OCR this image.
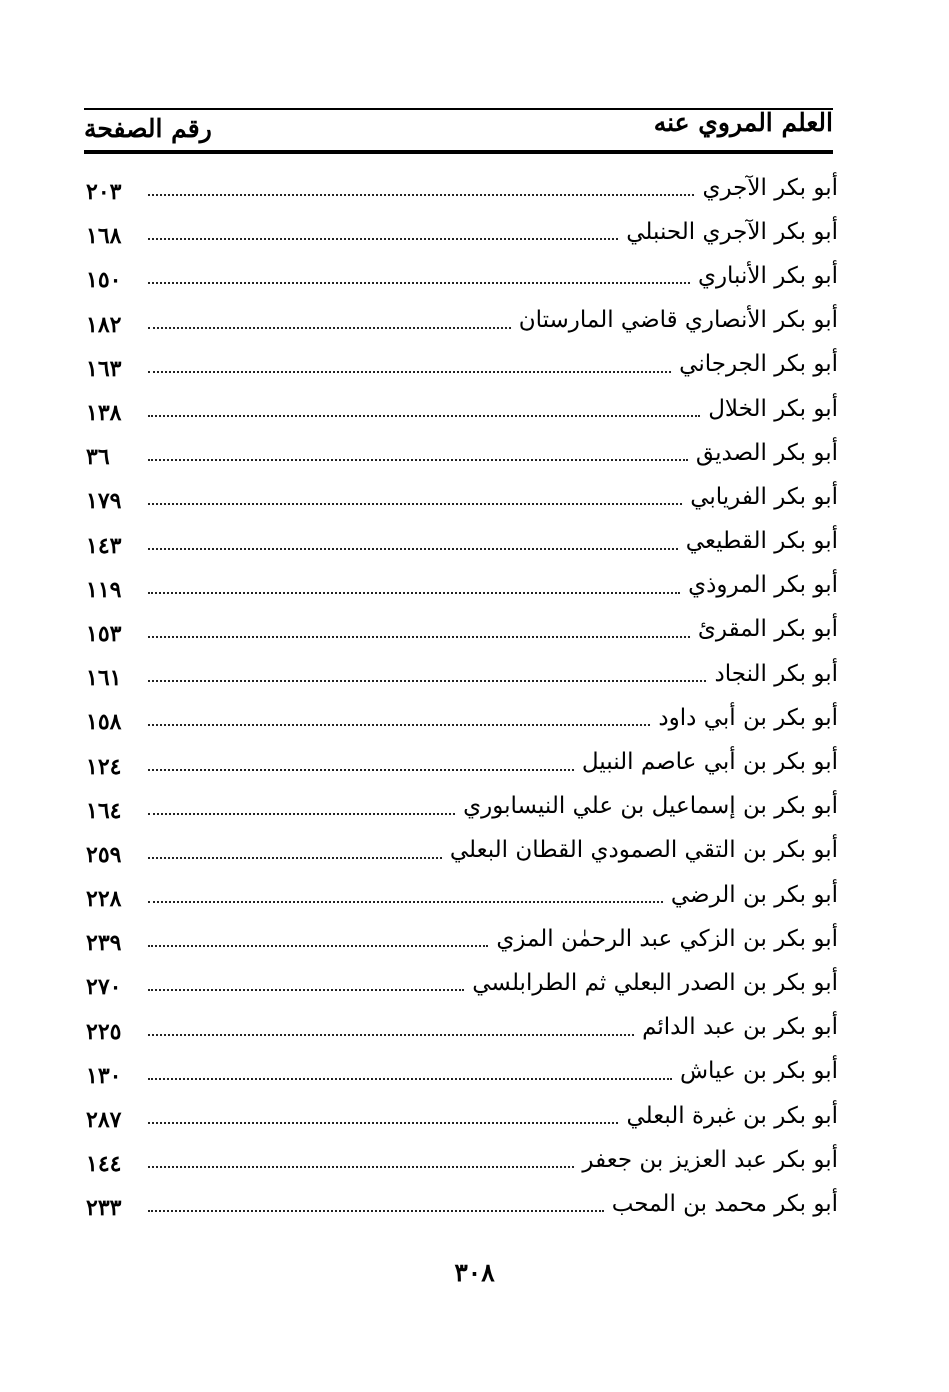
العلم المروي عنه
رقم الصفحة
أبو بكر الآجري
٢٠٣
أبو بكر الآجري الحنبلي
١٦٨
أبو بكر الأنباري
١٥٠
أبو بكر الأنصاري قاضي المارستان
١٨٢
أبو بكر الجرجاني
١٦٣
أبو بكر الخلال
١٣٨
أبو بكر الصديق
٣٦
أبو بكر الفريابي
١٧٩
أبو بكر القطيعي
١٤٣
أبو بكر المروذي
١١٩
أبو بكر المقرئ
١٥٣
أبو بكر النجاد
١٦١
أبو بكر بن أبي داود
١٥٨
أبو بكر بن أبي عاصم النبيل
١٢٤
أبو بكر بن إسماعيل بن علي النيسابوري
١٦٤
أبو بكر بن التقي الصمودي القطان البعلي
٢٥٩
أبو بكر بن الرضي
٢٢٨
أبو بكر بن الزكي عبد الرحمٰن المزي
٢٣٩
أبو بكر بن الصدر البعلي ثم الطرابلسي
٢٧٠
أبو بكر بن عبد الدائم
٢٢٥
أبو بكر بن عياش
١٣٠
أبو بكر بن غبرة البعلي
٢٨٧
أبو بكر عبد العزيز بن جعفر
١٤٤
أبو بكر محمد بن المحب
٢٣٣
٣٠٨
